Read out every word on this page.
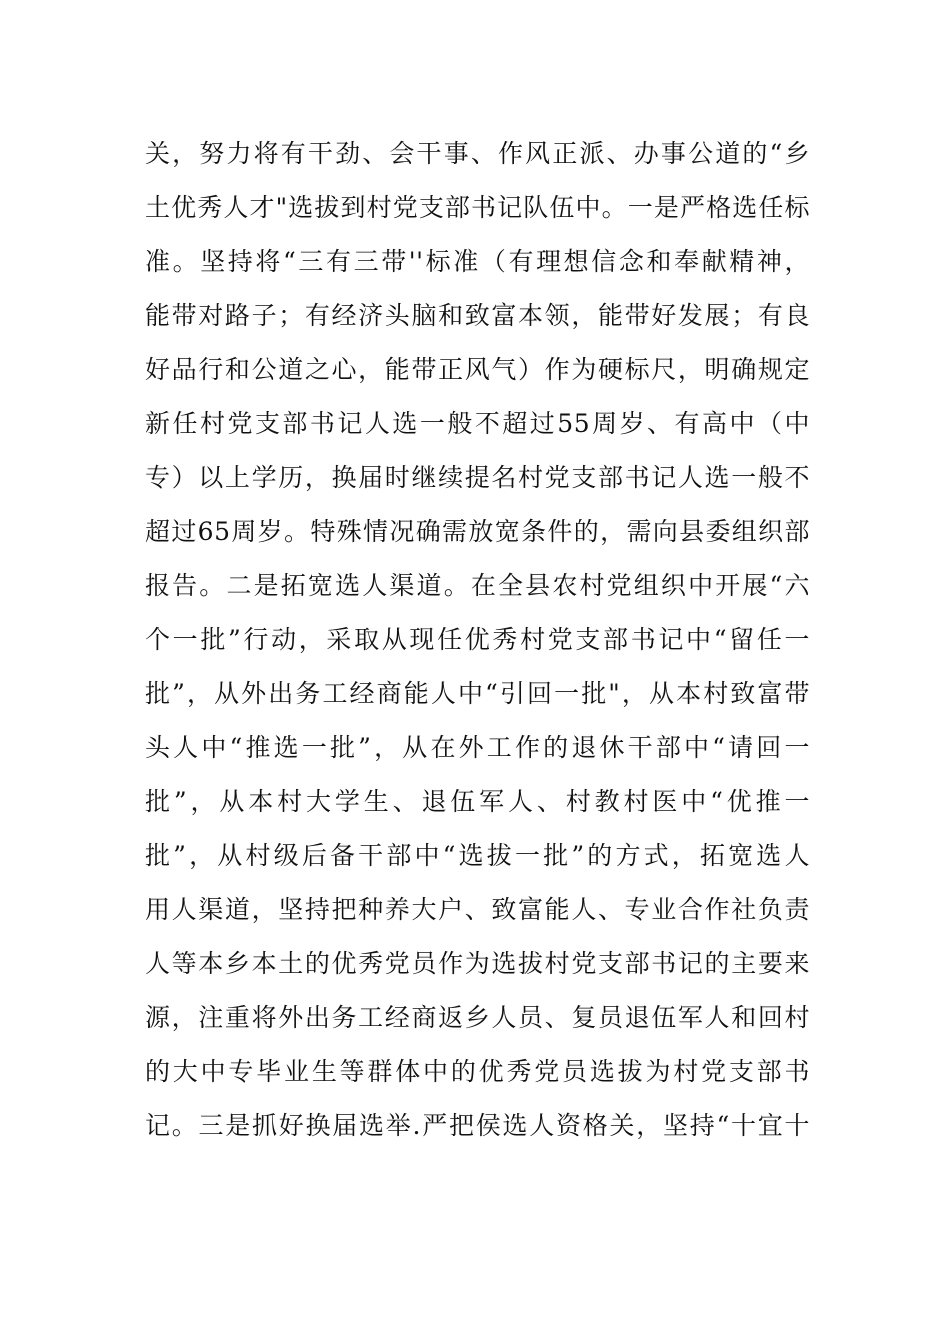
关，努力将有干劲、会干事、作风正派、办事公道的“乡
土优秀人才"选拔到村党支部书记队伍中。一是严格选任标
准。坚持将“三有三带''标准（有理想信念和奉献精神，
能带对路子；有经济头脑和致富本领，能带好发展；有良
好品行和公道之心，能带正风气）作为硬标尺，明确规定
新任村党支部书记人选一般不超过55周岁、有高中（中
专）以上学历，换届时继续提名村党支部书记人选一般不
超过65周岁。特殊情况确需放宽条件的，需向县委组织部
报告。二是拓宽选人渠道。在全县农村党组织中开展“六
个一批”行动，采取从现任优秀村党支部书记中“留任一
批”，从外出务工经商能人中“引回一批"，从本村致富带
头人中“推选一批”，从在外工作的退休干部中“请回一
批”，从本村大学生、退伍军人、村教村医中“优推一
批”，从村级后备干部中“选拔一批”的方式，拓宽选人
用人渠道，坚持把种养大户、致富能人、专业合作社负责
人等本乡本土的优秀党员作为选拔村党支部书记的主要来
源，注重将外出务工经商返乡人员、复员退伍军人和回村
的大中专毕业生等群体中的优秀党员选拔为村党支部书
记。三是抓好换届选举.严把侯选人资格关，坚持“十宜十
